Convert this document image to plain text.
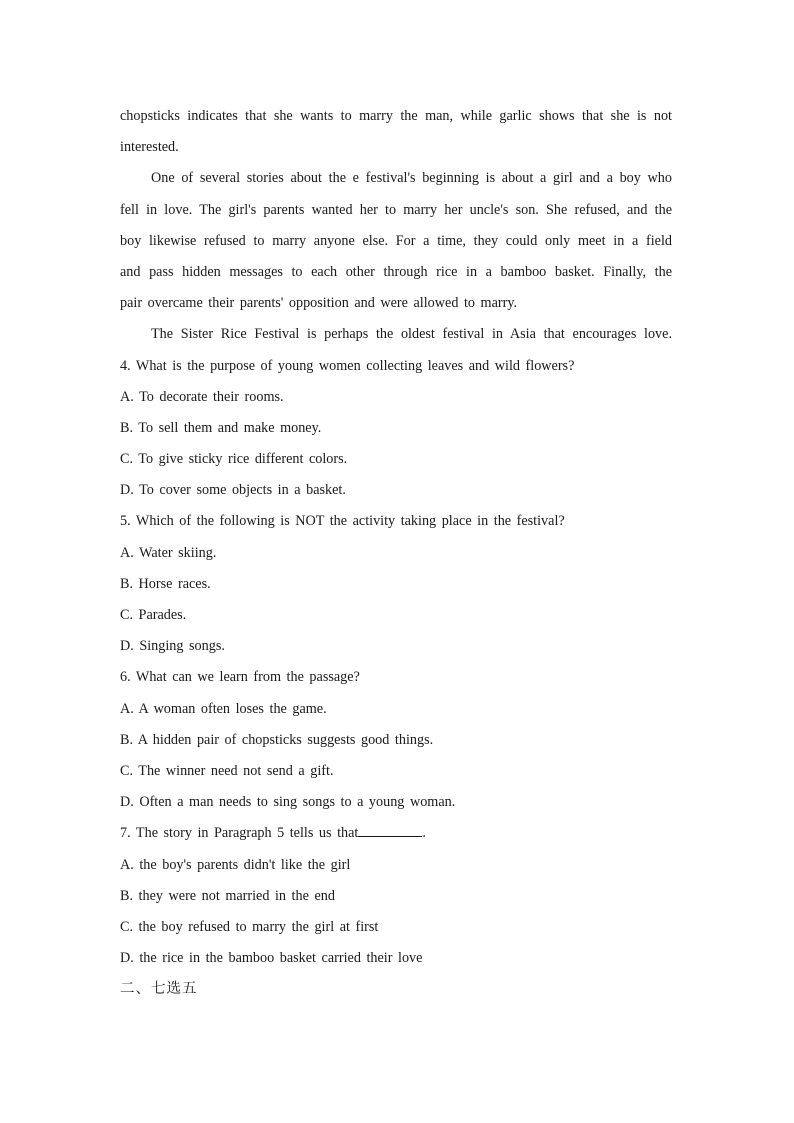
chopsticks indicates that she wants to marry the man, while garlic shows that she is not
interested.
One of several stories about the e festival's beginning is about a girl and a boy who
fell in love. The girl's parents wanted her to marry her uncle's son. She refused, and the
boy likewise refused to marry anyone else. For a time, they could only meet in a field
and pass hidden messages to each other through rice in a bamboo basket. Finally, the
pair overcame their parents' opposition and were allowed to marry.
The Sister Rice Festival is perhaps the oldest festival in Asia that encourages love.
4. What is the purpose of young women collecting leaves and wild flowers?
A. To decorate their rooms.
B. To sell them and make money.
C. To give sticky rice different colors.
D. To cover some objects in a basket.
5. Which of the following is NOT the activity taking place in the festival?
A. Water skiing.
B. Horse races.
C. Parades.
D. Singing songs.
6. What can we learn from the passage?
A. A woman often loses the game.
B. A hidden pair of chopsticks suggests good things.
C. The winner need not send a gift.
D. Often a man needs to sing songs to a young woman.
7. The story in Paragraph 5 tells us that	.
A. the boy's parents didn't like the girl
B. they were not married in the end
C. the boy refused to marry the girl at first
D. the rice in the bamboo basket carried their love
二、七选五
